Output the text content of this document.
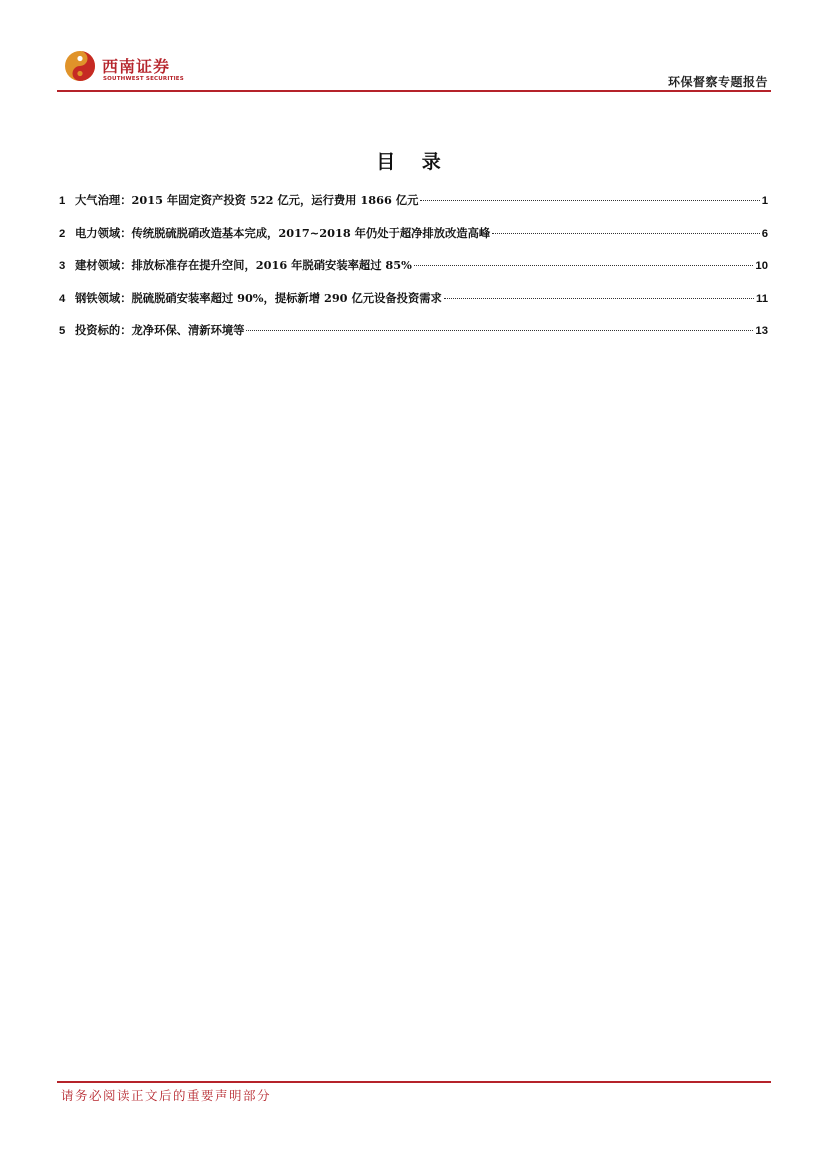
西南证券
SOUTHWEST SECURITIES	环保督察专题报告
目 录
1 大气治理：2015 年固定资产投资 522 亿元，运行费用 1866 亿元	1
2 电力领域：传统脱硫脱硝改造基本完成，2017~2018 年仍处于超净排放改造高峰	6
3 建材领域：排放标准存在提升空间，2016 年脱硝安装率超过 85%	10
4 钢铁领域：脱硫脱硝安装率超过 90%，提标新增 290 亿元设备投资需求	11
5 投资标的：龙净环保、清新环境等	13
请务必阅读正文后的重要声明部分
